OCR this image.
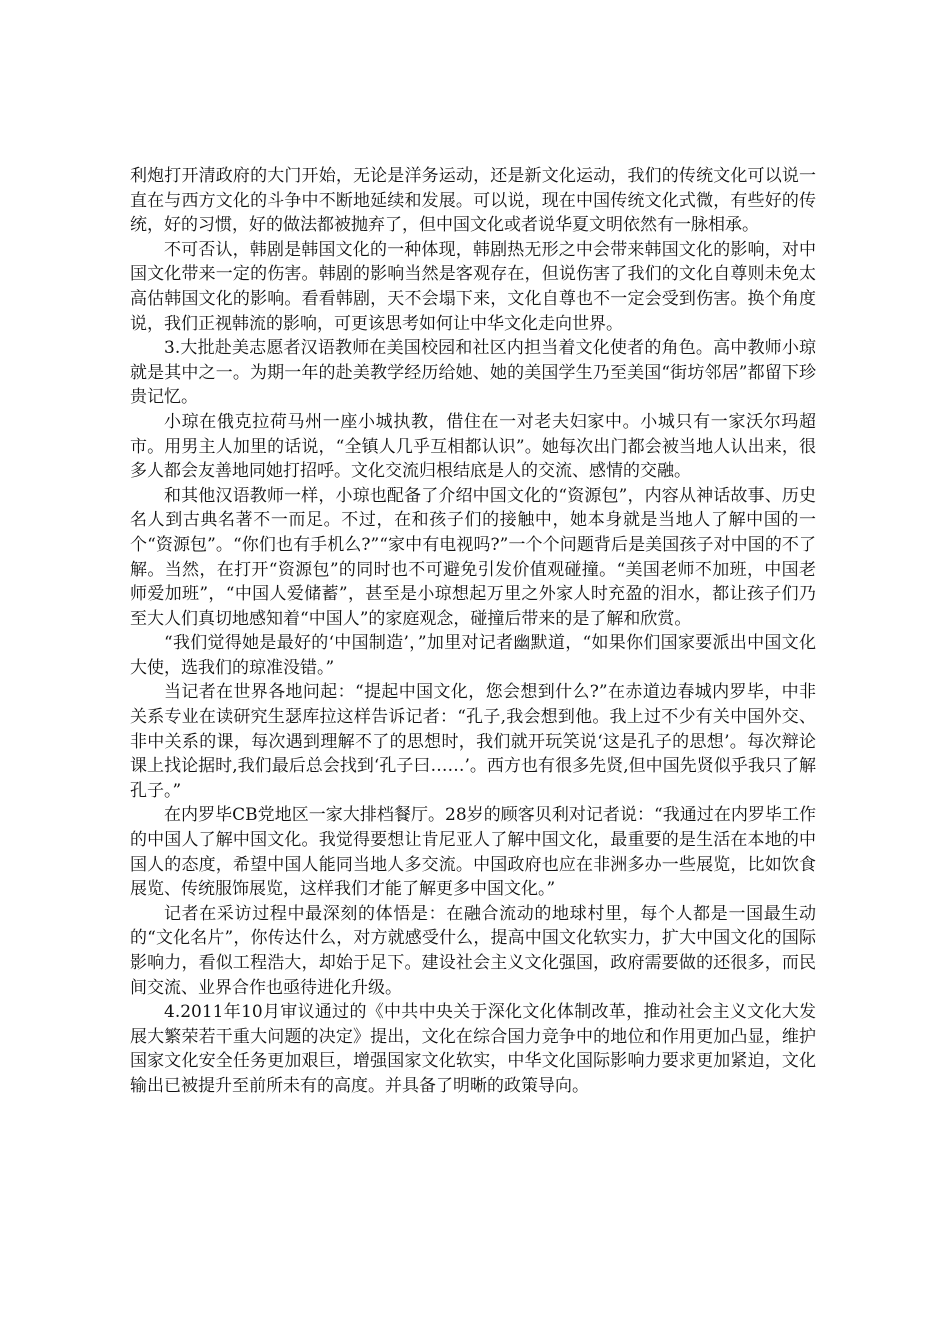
利炮打开清政府的大门开始，无论是洋务运动，还是新文化运动，我们的传统文化可以说一直在与西方文化的斗争中不断地延续和发展。可以说，现在中国传统文化式微，有些好的传统，好的习惯，好的做法都被抛弃了，但中国文化或者说华夏文明依然有一脉相承。

不可否认，韩剧是韩国文化的一种体现，韩剧热无形之中会带来韩国文化的影响，对中国文化带来一定的伤害。韩剧的影响当然是客观存在，但说伤害了我们的文化自尊则未免太高估韩国文化的影响。看看韩剧，天不会塌下来，文化自尊也不一定会受到伤害。换个角度说，我们正视韩流的影响，可更该思考如何让中华文化走向世界。

3.大批赴美志愿者汉语教师在美国校园和社区内担当着文化使者的角色。高中教师小琼就是其中之一。为期一年的赴美教学经历给她、她的美国学生乃至美国“街坊邻居”都留下珍贵记忆。

小琼在俄克拉荷马州一座小城执教，借住在一对老夫妇家中。小城只有一家沃尔玛超市。用男主人加里的话说，“全镇人几乎互相都认识”。她每次出门都会被当地人认出来，很多人都会友善地同她打招呼。文化交流归根结底是人的交流、感情的交融。

和其他汉语教师一样，小琼也配备了介绍中国文化的“资源包”，内容从神话故事、历史名人到古典名著不一而足。不过，在和孩子们的接触中，她本身就是当地人了解中国的一个“资源包”。“你们也有手机么?”“家中有电视吗?”一个个问题背后是美国孩子对中国的不了解。当然，在打开“资源包”的同时也不可避免引发价值观碰撞。“美国老师不加班，中国老师爱加班”，“中国人爱储蓄”，甚至是小琼想起万里之外家人时充盈的泪水，都让孩子们乃至大人们真切地感知着“中国人”的家庭观念，碰撞后带来的是了解和欣赏。

“我们觉得她是最好的‘中国制造’，”加里对记者幽默道，“如果你们国家要派出中国文化大使，选我们的琼准没错。”

当记者在世界各地问起：“提起中国文化，您会想到什么?”在赤道边春城内罗毕，中非关系专业在读研究生瑟库拉这样告诉记者：“孔子,我会想到他。我上过不少有关中国外交、非中关系的课，每次遇到理解不了的思想时，我们就开玩笑说‘这是孔子的思想’。每次辩论课上找论据时,我们最后总会找到‘孔子曰……’。西方也有很多先贤,但中国先贤似乎我只了解孔子。”

在内罗毕CB党地区一家大排档餐厅。28岁的顾客贝利对记者说：“我通过在内罗毕工作的中国人了解中国文化。我觉得要想让肯尼亚人了解中国文化，最重要的是生活在本地的中国人的态度，希望中国人能同当地人多交流。中国政府也应在非洲多办一些展览，比如饮食展览、传统服饰展览，这样我们才能了解更多中国文化。”

记者在采访过程中最深刻的体悟是：在融合流动的地球村里，每个人都是一国最生动的“文化名片”，你传达什么，对方就感受什么，提高中国文化软实力，扩大中国文化的国际影响力，看似工程浩大，却始于足下。建设社会主义文化强国，政府需要做的还很多，而民间交流、业界合作也亟待进化升级。

4.2011年10月审议通过的《中共中央关于深化文化体制改革，推动社会主义文化大发展大繁荣若干重大问题的决定》提出，文化在综合国力竞争中的地位和作用更加凸显，维护国家文化安全任务更加艰巨，增强国家文化软实，中华文化国际影响力要求更加紧迫，文化输出已被提升至前所未有的高度。并具备了明晰的政策导向。
